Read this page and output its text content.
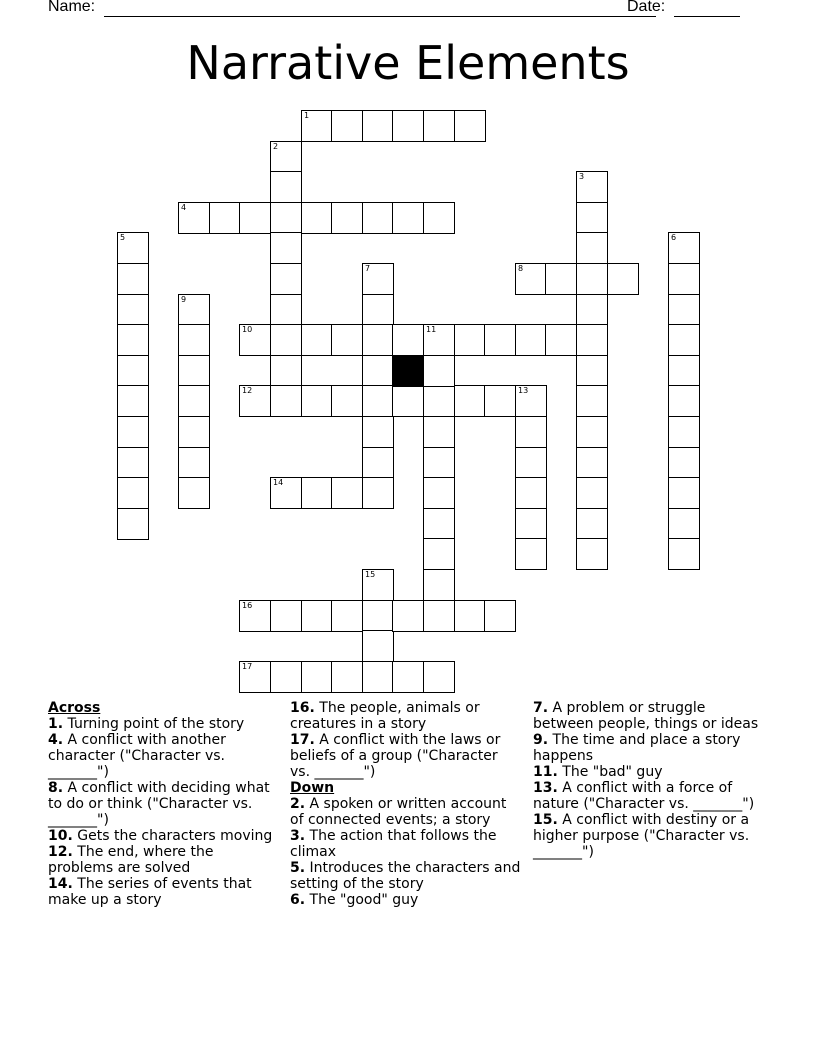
Name:	Date:
Narrative Elements
1
2
3
4
5	6
7	8
9
10	11
12	13
14
15
16
17
Across
1. Turning point of the story
4. A conflict with another character ("Character vs. _______")
8. A conflict with deciding what to do or think ("Character vs. _______")
10. Gets the characters moving
12. The end, where the problems are solved
14. The series of events that make up a story
16. The people, animals or creatures in a story
17. A conflict with the laws or beliefs of a group ("Character vs. _______")
Down
2. A spoken or written account of connected events; a story
3. The action that follows the climax
5. Introduces the characters and setting of the story
6. The "good" guy
7. A problem or struggle between people, things or ideas
9. The time and place a story happens
11. The "bad" guy
13. A conflict with a force of nature ("Character vs. _______")
15. A conflict with destiny or a higher purpose ("Character vs. _______")
